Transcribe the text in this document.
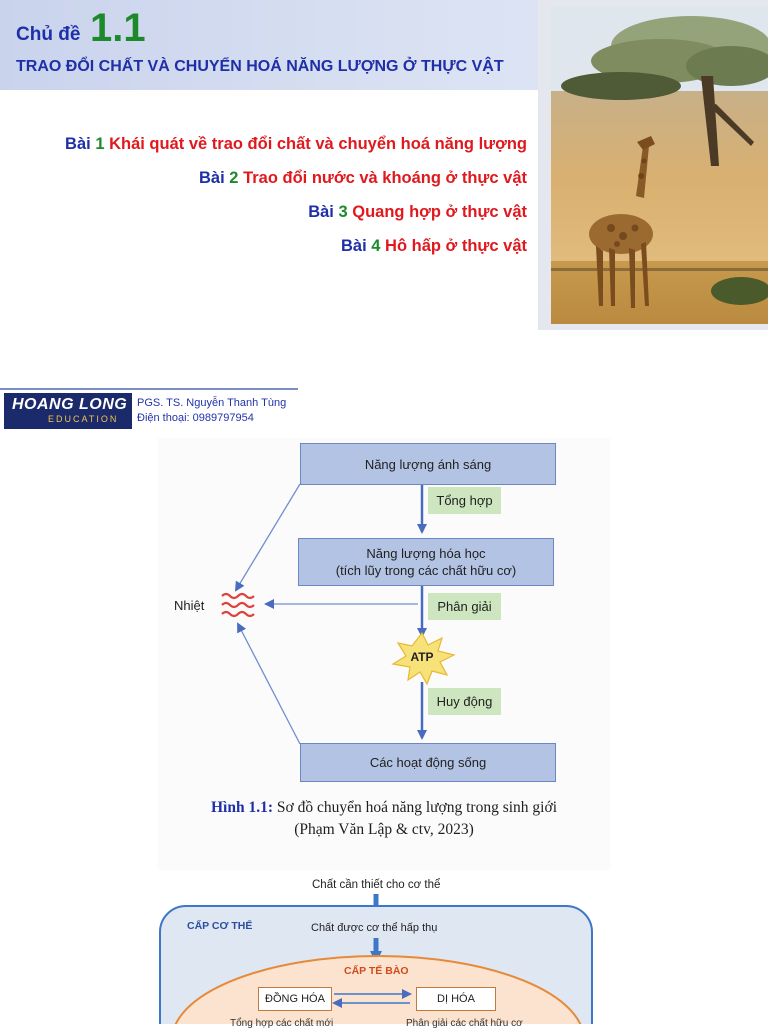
Chủ đề 1.1
TRAO ĐỔI CHẤT VÀ CHUYỂN HOÁ NĂNG LƯỢNG Ở THỰC VẬT
Bài 1 Khái quát về trao đổi chất và chuyển hoá năng lượng
Bài 2 Trao đổi nước và khoáng ở thực vật
Bài 3 Quang hợp ở thực vật
Bài 4 Hô hấp ở thực vật
HOANG LONG
EDUCATION
PGS. TS. Nguyễn Thanh Tùng
Điện thoại: 0989797954
Năng lượng ánh sáng
Tổng hợp
Năng lượng hóa học
(tích lũy trong các chất hữu cơ)
Phân giải
Nhiệt
ATP
Huy động
Các hoạt động sống
Hình 1.1: Sơ đồ chuyển hoá năng lượng trong sinh giới
(Phạm Văn Lập & ctv, 2023)
Chất cần thiết cho cơ thể
CẤP CƠ THỂ	Chất được cơ thể hấp thụ
CẤP TẾ BÀO
ĐỒNG HÓA	DỊ HÓA
Tổng hợp các chất mới	Phân giải các chất hữu cơ
